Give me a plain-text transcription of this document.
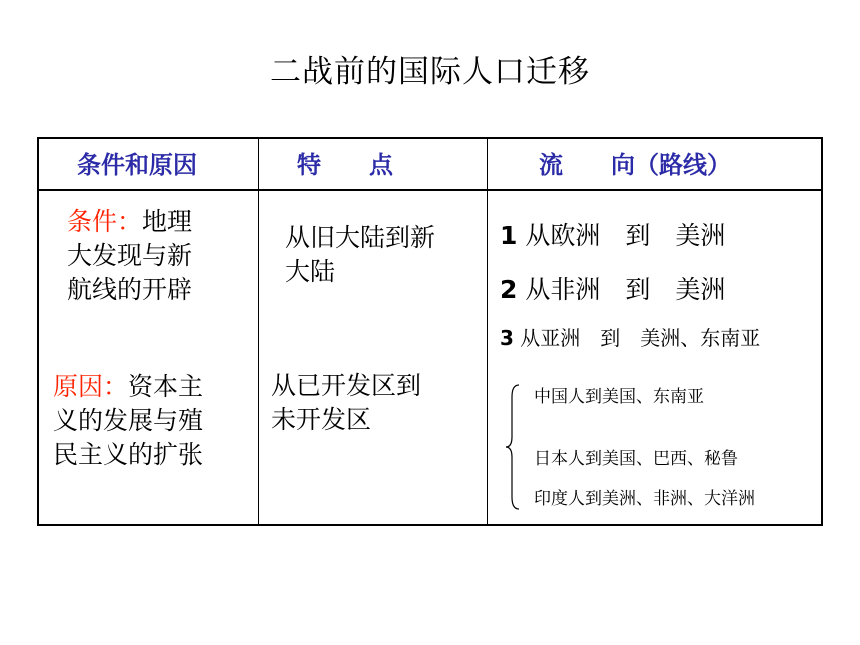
二战前的国际人口迁移
条件和原因	特　　点	流　　向（路线）
条件：地理
大发现与新
航线的开辟
原因：资本主
义的发展与殖
民主义的扩张
从旧大陆到新
大陆
从已开发区到
未开发区
1 从欧洲　到　美洲
2 从非洲　到　美洲
3 从亚洲　到　美洲、东南亚
中国人到美国、东南亚
日本人到美国、巴西、秘鲁
印度人到美洲、非洲、大洋洲
